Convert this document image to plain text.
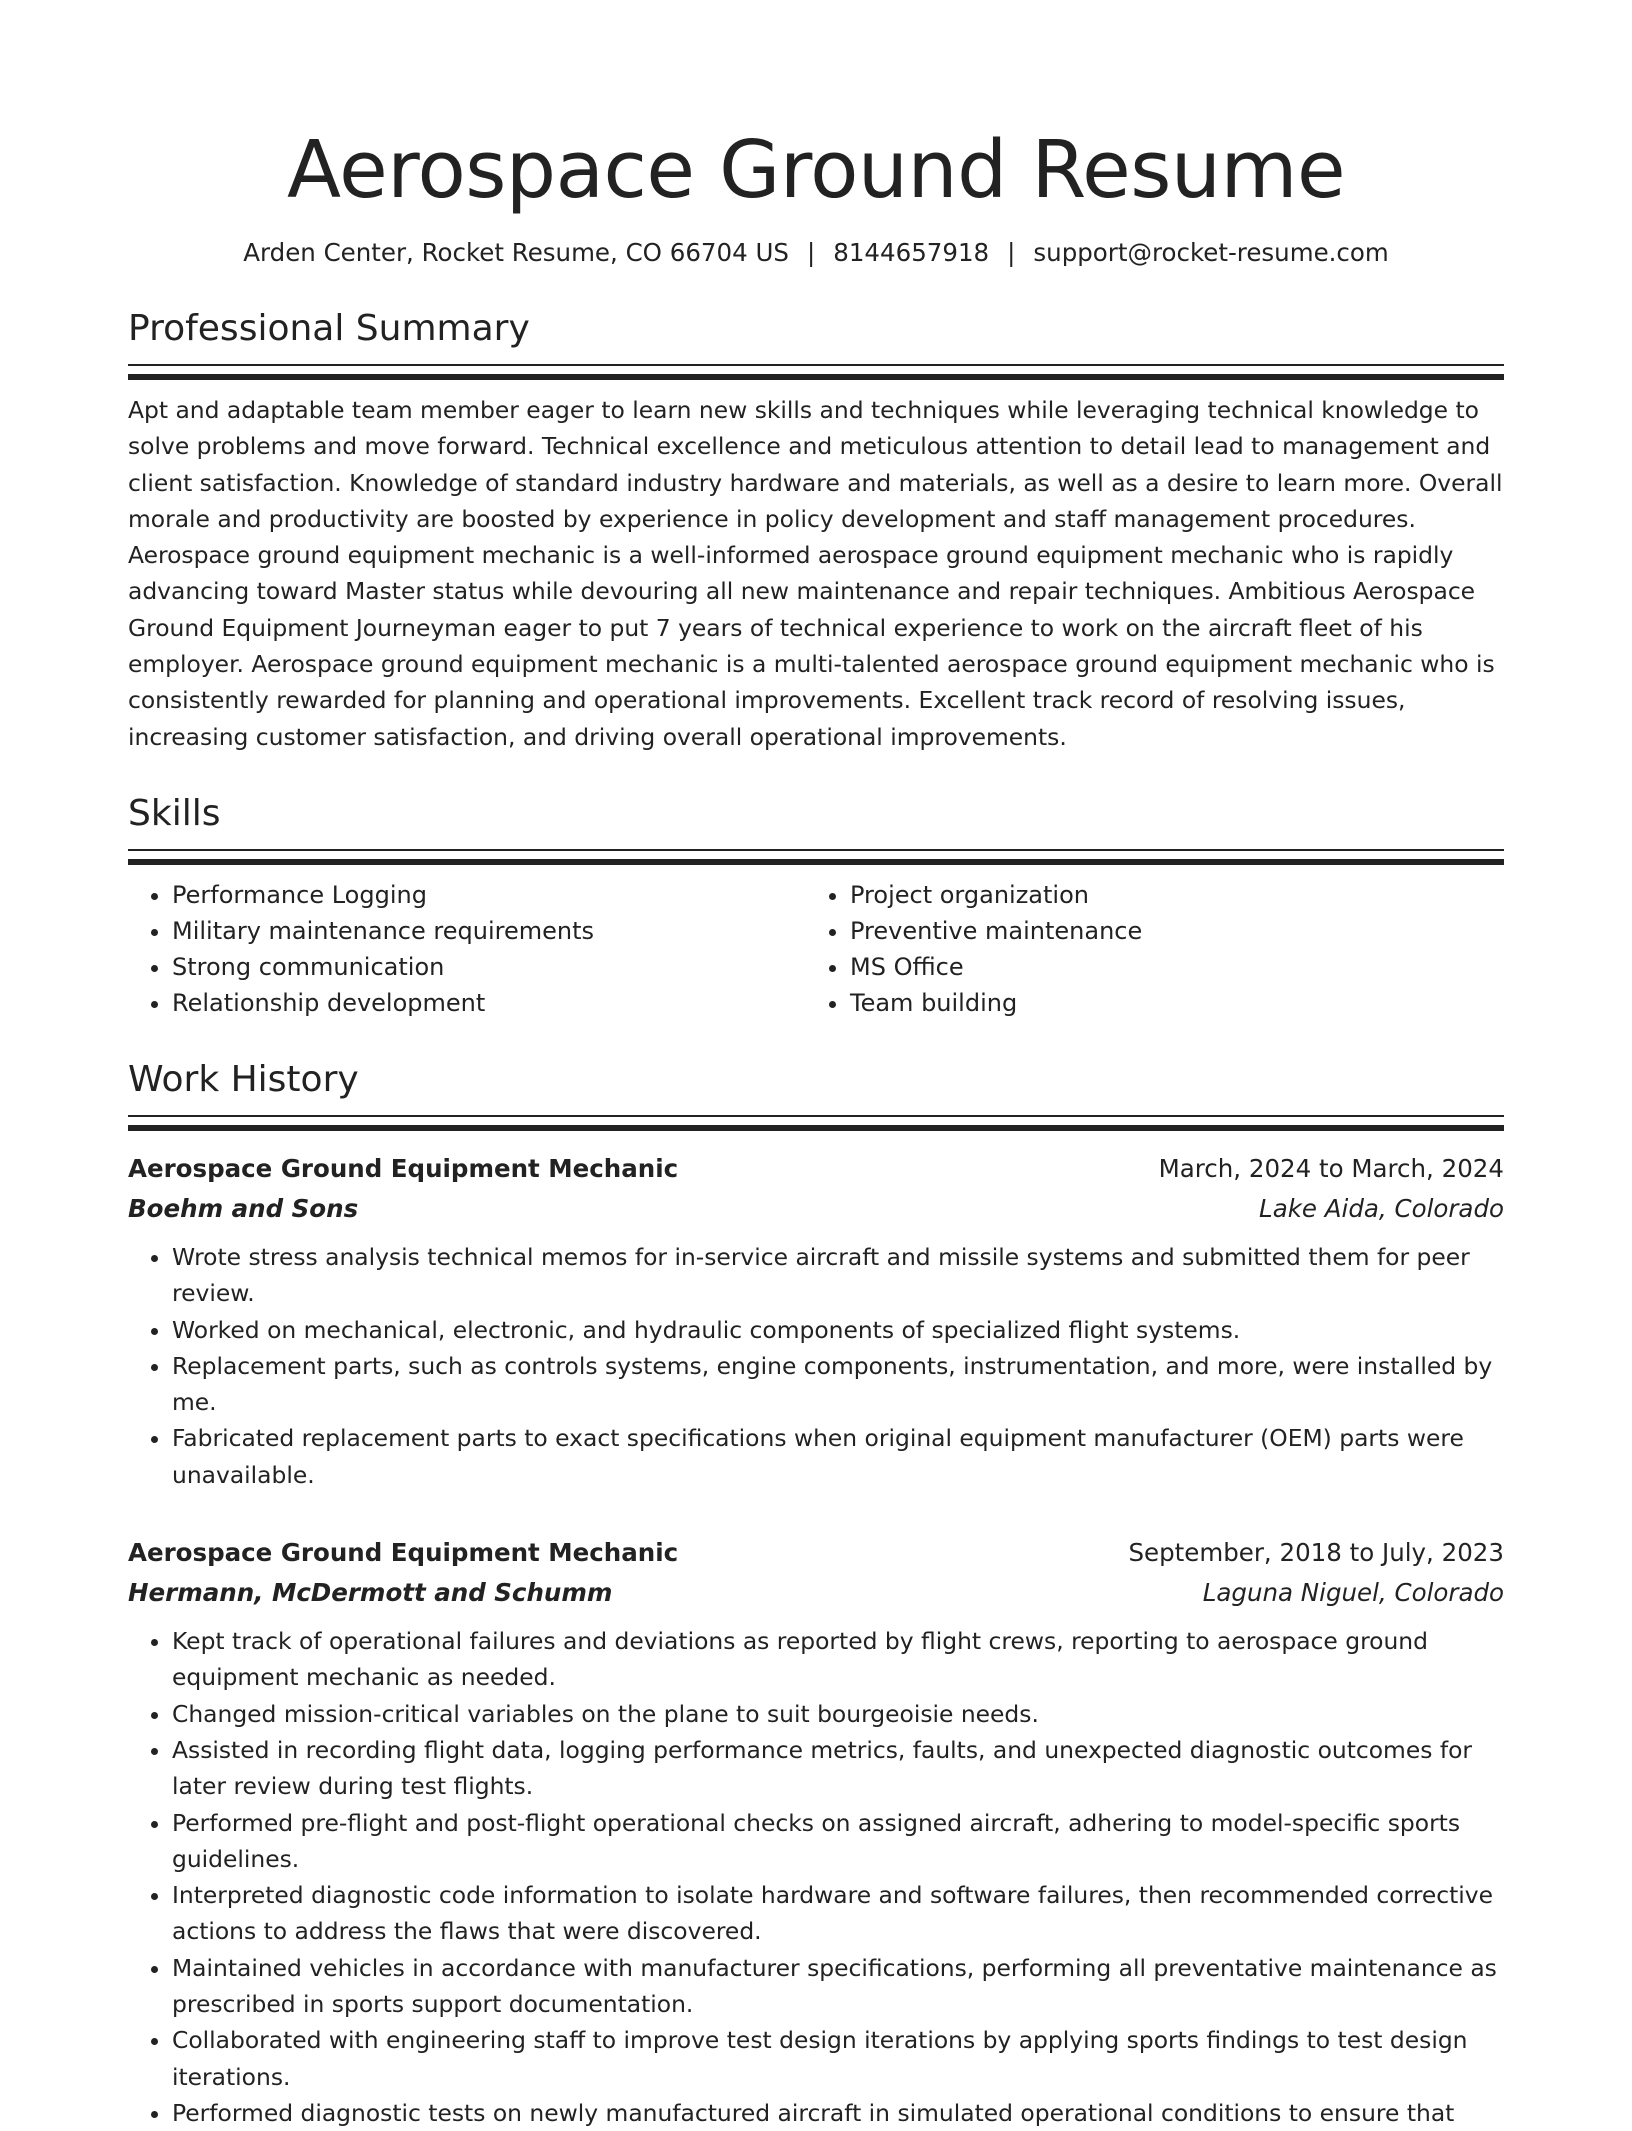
Aerospace Ground Resume
Arden Center, Rocket Resume, CO 66704 US | 8144657918 | support@rocket-resume.com
Professional Summary
Apt and adaptable team member eager to learn new skills and techniques while leveraging technical knowledge to solve problems and move forward. Technical excellence and meticulous attention to detail lead to management and client satisfaction. Knowledge of standard industry hardware and materials, as well as a desire to learn more. Overall morale and productivity are boosted by experience in policy development and staff management procedures. Aerospace ground equipment mechanic is a well-informed aerospace ground equipment mechanic who is rapidly advancing toward Master status while devouring all new maintenance and repair techniques. Ambitious Aerospace Ground Equipment Journeyman eager to put 7 years of technical experience to work on the aircraft fleet of his employer. Aerospace ground equipment mechanic is a multi-talented aerospace ground equipment mechanic who is consistently rewarded for planning and operational improvements. Excellent track record of resolving issues, increasing customer satisfaction, and driving overall operational improvements.
Skills
• Performance Logging
• Military maintenance requirements
• Strong communication
• Relationship development
• Project organization
• Preventive maintenance
• MS Office
• Team building
Work History
Aerospace Ground Equipment Mechanic	March, 2024 to March, 2024
Boehm and Sons	Lake Aida, Colorado
• Wrote stress analysis technical memos for in-service aircraft and missile systems and submitted them for peer review.
• Worked on mechanical, electronic, and hydraulic components of specialized flight systems.
• Replacement parts, such as controls systems, engine components, instrumentation, and more, were installed by me.
• Fabricated replacement parts to exact specifications when original equipment manufacturer (OEM) parts were unavailable.
Aerospace Ground Equipment Mechanic	September, 2018 to July, 2023
Hermann, McDermott and Schumm	Laguna Niguel, Colorado
• Kept track of operational failures and deviations as reported by flight crews, reporting to aerospace ground equipment mechanic as needed.
• Changed mission-critical variables on the plane to suit bourgeoisie needs.
• Assisted in recording flight data, logging performance metrics, faults, and unexpected diagnostic outcomes for later review during test flights.
• Performed pre-flight and post-flight operational checks on assigned aircraft, adhering to model-specific sports guidelines.
• Interpreted diagnostic code information to isolate hardware and software failures, then recommended corrective actions to address the flaws that were discovered.
• Maintained vehicles in accordance with manufacturer specifications, performing all preventative maintenance as prescribed in sports support documentation.
• Collaborated with engineering staff to improve test design iterations by applying sports findings to test design iterations.
• Performed diagnostic tests on newly manufactured aircraft in simulated operational conditions to ensure that
